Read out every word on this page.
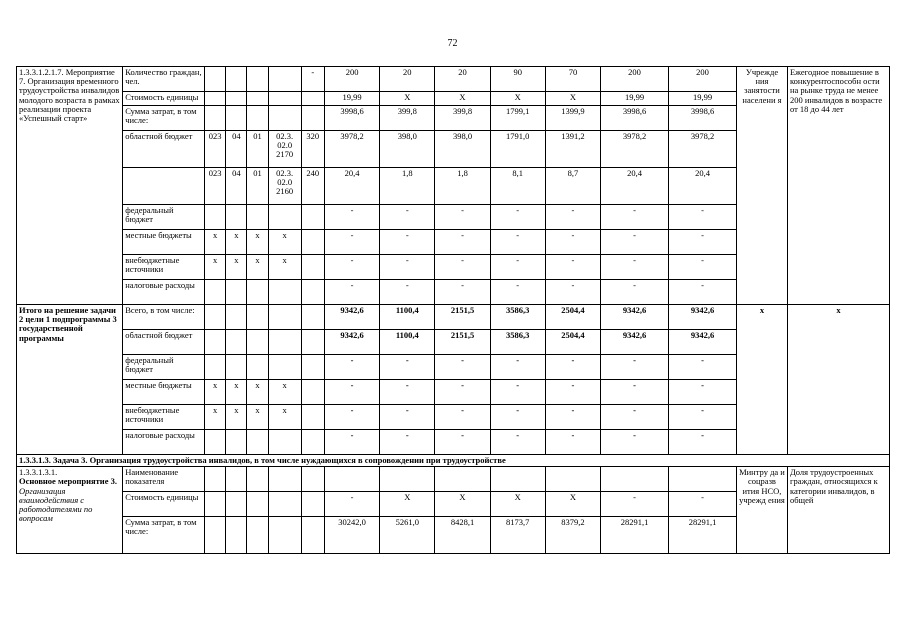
72
1.3.3.1.2.1.7. Мероприятие 7. Организация временного трудоустройства инвалидов молодого возраста в рамках реализации проекта «Успешный старт»	Количество граждан, чел.					-	200	20	20	90	70	200	200	Учрежде ния занятости населени я	Ежегодное повышение в конкурентоспособн ости на рынке труда не менее 200 инвалидов в возрасте от 18 до 44 лет
	Стоимость единицы						19,99	Х	Х	Х	Х	19,99	19,99		
	Сумма затрат, в том числе:						3998,6	399,8	399,8	1799,1	1399,9	3998,6	3998,6		
	областной бюджет	023	04	01	02.3. 02.0 2170	320	3978,2	398,0	398,0	1791,0	1391,2	3978,2	3978,2		
		023	04	01	02.3. 02.0 2160	240	20,4	1,8	1,8	8,1	8,7	20,4	20,4		
	федеральный бюджет						-	-	-	-	-	-	-		
	местные бюджеты	х	х	х	х		-	-	-	-	-	-	-		
	внебюджетные источники	х	х	х	х		-	-	-	-	-	-	-		
	налоговые расходы						-	-	-	-	-	-	-		
Итого на решение задачи 2 цели 1 подпрограммы 3 государственной программы	Всего, в том числе:						9342,6	1100,4	2151,5	3586,3	2504,4	9342,6	9342,6	х	х
	областной бюджет						9342,6	1100,4	2151,5	3586,3	2504,4	9342,6	9342,6		
	федеральный бюджет						-	-	-	-	-	-	-		
	местные бюджеты	х	х	х	х		-	-	-	-	-	-	-		
	внебюджетные источники	х	х	х	х		-	-	-	-	-	-	-		
	налоговые расходы						-	-	-	-	-	-	-		
1.3.3.1.3. Задача 3. Организация трудоустройства инвалидов, в том числе нуждающихся в сопровождении при трудоустройстве															

1.3.3.1.3.1.
Основное мероприятие 3.
Организация взаимодействия с работодателями по вопросам	Наименование показателя													Минтру да и соцразв ития НСО, учрежд ения	Доля трудоустроенных граждан, относящихся к категории инвалидов, в общей
	Стоимость единицы						-	Х	Х	Х	Х	-	-		
	Сумма затрат, в том числе:						30242,0	5261,0	8428,1	8173,7	8379,2	28291,1	28291,1		
